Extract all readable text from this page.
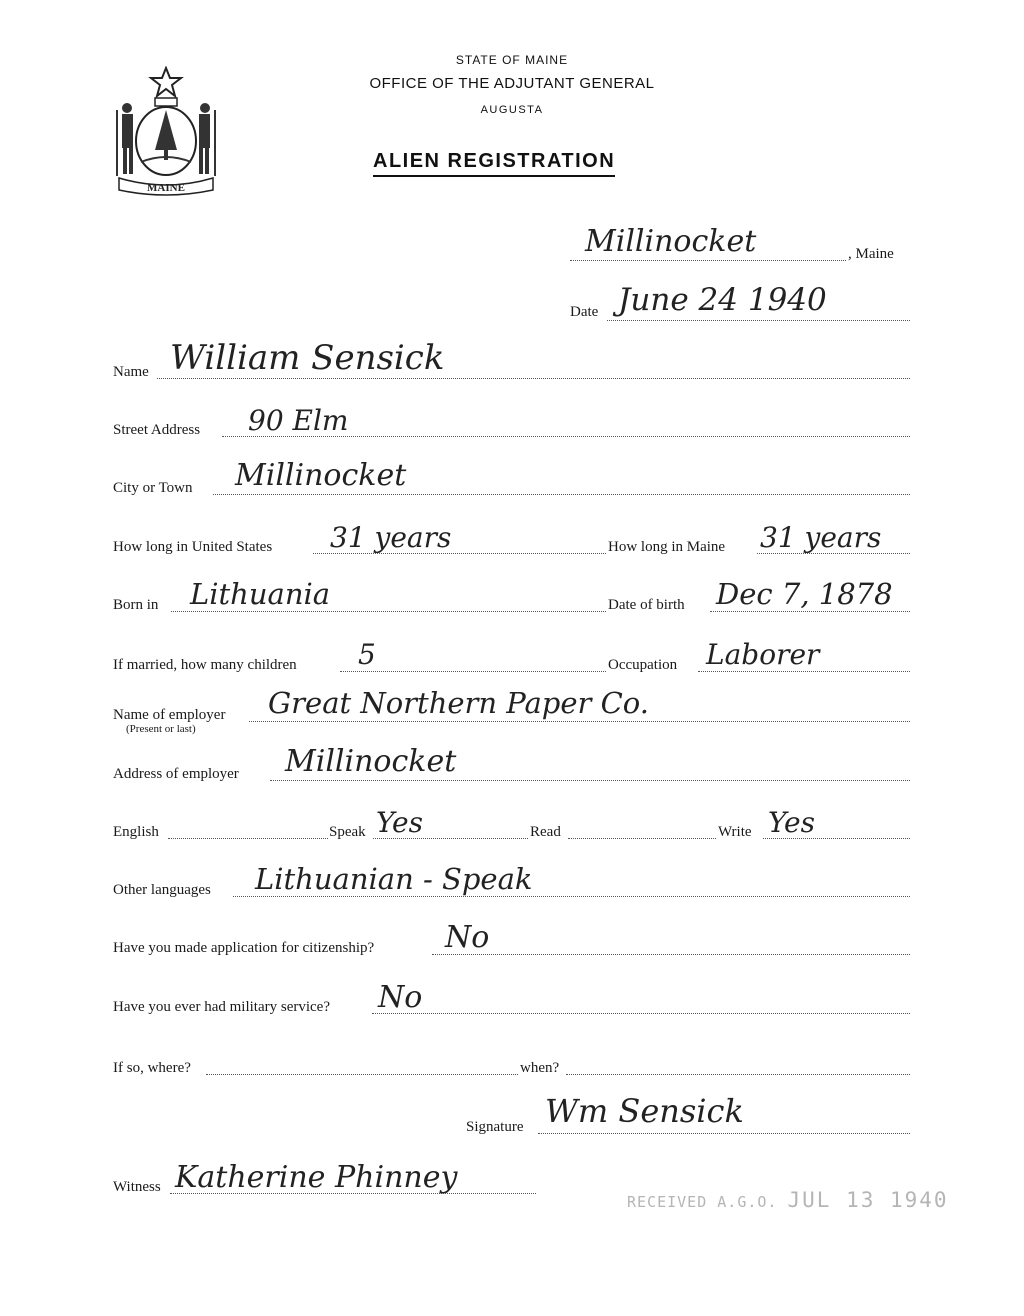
MAINE
STATE OF MAINE
OFFICE OF THE ADJUTANT GENERAL
AUGUSTA
ALIEN REGISTRATION
Millinocket	, Maine
Date June 24 1940
Name William Sensick
Street Address 90 Elm
City or Town Millinocket
How long in United States 31 years	How long in Maine 31 years
Born in Lithuania	Date of birth Dec 7, 1878
If married, how many children 5	Occupation Laborer
Name of employer
(Present or last)
Great Northern Paper Co.
Address of employer Millinocket
English	Speak Yes	Read	Write Yes
Other languages Lithuanian - Speak
Have you made application for citizenship? No
Have you ever had military service? No
If so, where?	when?
Signature Wm Sensick
Witness Katherine Phinney
RECEIVED A.G.O. JUL 13 1940
